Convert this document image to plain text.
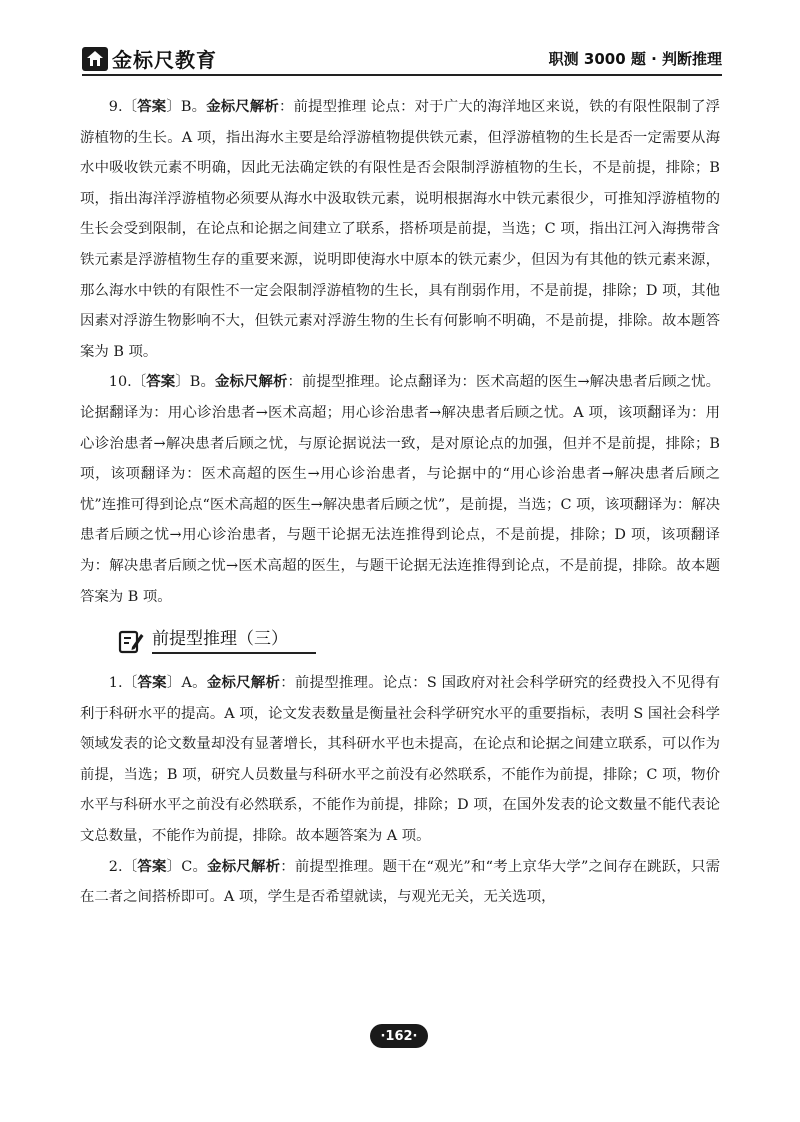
金标尺教育	职测 3000 题 · 判断推理

9.〔答案〕B。金标尺解析：前提型推理 论点：对于广大的海洋地区来说，铁的有限性限制了浮游植物的生长。A 项，指出海水主要是给浮游植物提供铁元素，但浮游植物的生长是否一定需要从海水中吸收铁元素不明确，因此无法确定铁的有限性是否会限制浮游植物的生长，不是前提，排除；B 项，指出海洋浮游植物必须要从海水中汲取铁元素，说明根据海水中铁元素很少，可推知浮游植物的生长会受到限制，在论点和论据之间建立了联系，搭桥项是前提，当选；C 项，指出江河入海携带含铁元素是浮游植物生存的重要来源，说明即使海水中原本的铁元素少，但因为有其他的铁元素来源，那么海水中铁的有限性不一定会限制浮游植物的生长，具有削弱作用，不是前提，排除；D 项，其他因素对浮游生物影响不大，但铁元素对浮游生物的生长有何影响不明确，不是前提，排除。故本题答案为 B 项。

10.〔答案〕B。金标尺解析：前提型推理。论点翻译为：医术高超的医生→解决患者后顾之忧。论据翻译为：用心诊治患者→医术高超；用心诊治患者→解决患者后顾之忧。A 项，该项翻译为：用心诊治患者→解决患者后顾之忧，与原论据说法一致，是对原论点的加强，但并不是前提，排除；B 项，该项翻译为：医术高超的医生→用心诊治患者，与论据中的“用心诊治患者→解决患者后顾之忧”连推可得到论点“医术高超的医生→解决患者后顾之忧”，是前提，当选；C 项，该项翻译为：解决患者后顾之忧→用心诊治患者，与题干论据无法连推得到论点，不是前提，排除；D 项，该项翻译为：解决患者后顾之忧→医术高超的医生，与题干论据无法连推得到论点，不是前提，排除。故本题答案为 B 项。

前提型推理（三）

1.〔答案〕A。金标尺解析：前提型推理。论点：S 国政府对社会科学研究的经费投入不见得有利于科研水平的提高。A 项，论文发表数量是衡量社会科学研究水平的重要指标，表明 S 国社会科学领域发表的论文数量却没有显著增长，其科研水平也未提高，在论点和论据之间建立联系，可以作为前提，当选；B 项，研究人员数量与科研水平之前没有必然联系，不能作为前提，排除；C 项，物价水平与科研水平之前没有必然联系，不能作为前提，排除；D 项，在国外发表的论文数量不能代表论文总数量，不能作为前提，排除。故本题答案为 A 项。

2.〔答案〕C。金标尺解析：前提型推理。题干在“观光”和“考上京华大学”之间存在跳跃，只需在二者之间搭桥即可。A 项，学生是否希望就读，与观光无关，无关选项，

·162·
